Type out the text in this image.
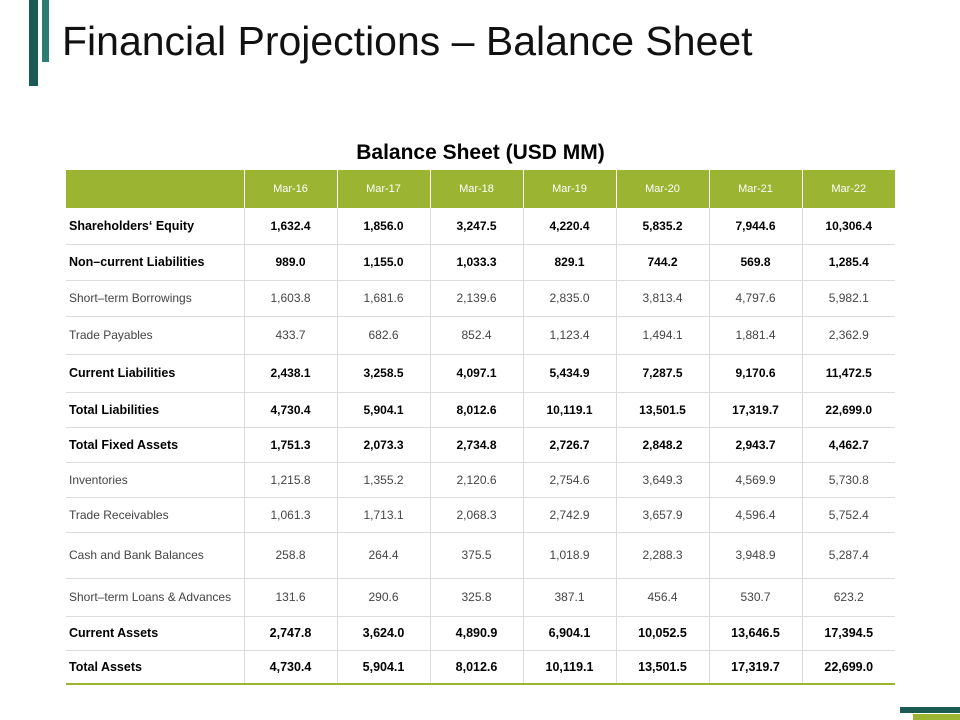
Financial Projections – Balance Sheet
Balance Sheet (USD MM)
	Mar-16	Mar-17	Mar-18	Mar-19	Mar-20	Mar-21	Mar-22
Shareholders‘ Equity	1,632.4	1,856.0	3,247.5	4,220.4	5,835.2	7,944.6	10,306.4
Non–current Liabilities	989.0	1,155.0	1,033.3	829.1	744.2	569.8	1,285.4
Short–term Borrowings	1,603.8	1,681.6	2,139.6	2,835.0	3,813.4	4,797.6	5,982.1
Trade Payables	433.7	682.6	852.4	1,123.4	1,494.1	1,881.4	2,362.9
Current Liabilities	2,438.1	3,258.5	4,097.1	5,434.9	7,287.5	9,170.6	11,472.5
Total Liabilities	4,730.4	5,904.1	8,012.6	10,119.1	13,501.5	17,319.7	22,699.0
Total Fixed Assets	1,751.3	2,073.3	2,734.8	2,726.7	2,848.2	2,943.7	4,462.7
Inventories	1,215.8	1,355.2	2,120.6	2,754.6	3,649.3	4,569.9	5,730.8
Trade Receivables	1,061.3	1,713.1	2,068.3	2,742.9	3,657.9	4,596.4	5,752.4
Cash and Bank Balances	258.8	264.4	375.5	1,018.9	2,288.3	3,948.9	5,287.4
Short–term Loans & Advances	131.6	290.6	325.8	387.1	456.4	530.7	623.2
Current Assets	2,747.8	3,624.0	4,890.9	6,904.1	10,052.5	13,646.5	17,394.5
Total Assets	4,730.4	5,904.1	8,012.6	10,119.1	13,501.5	17,319.7	22,699.0
